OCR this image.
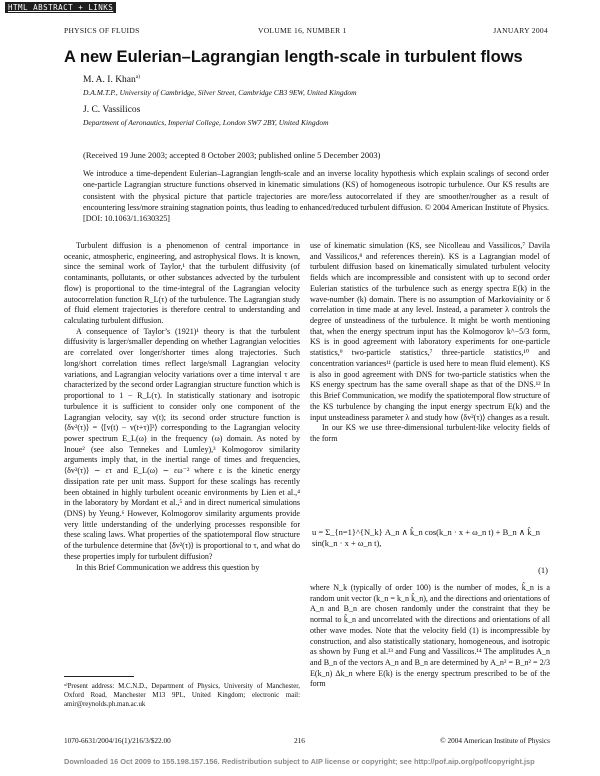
HTML ABSTRACT + LINKS
PHYSICS OF FLUIDS	VOLUME 16, NUMBER 1	JANUARY 2004
A new Eulerian–Lagrangian length-scale in turbulent flows
M. A. I. Khan$^{a)}$
D.A.M.T.P., University of Cambridge, Silver Street, Cambridge CB3 9EW, United Kingdom
J. C. Vassilicos
Department of Aeronautics, Imperial College, London SW7 2BY, United Kingdom
(Received 19 June 2003; accepted 8 October 2003; published online 5 December 2003)
We introduce a time-dependent Eulerian–Lagrangian length-scale and an inverse locality hypothesis which explain scalings of second order one-particle Lagrangian structure functions observed in kinematic simulations (KS) of homogeneous isotropic turbulence. Our KS results are consistent with the physical picture that particle trajectories are more/less autocorrelated if they are smoother/rougher as a result of encountering less/more straining stagnation points, thus leading to enhanced/reduced turbulent diffusion. © 2004 American Institute of Physics. [DOI: 10.1063/1.1630325]

Turbulent diffusion is a phenomenon of central importance in oceanic, atmospheric, engineering, and astrophysical flows. It is known, since the seminal work of Taylor,¹ that the turbulent diffusivity (of contaminants, pollutants, or other substances advected by the turbulent flow) is proportional to the time-integral of the Lagrangian velocity autocorrelation function R_L(τ) of the turbulence. The Lagrangian study of fluid element trajectories is therefore central to understanding and calculating turbulent diffusion.

A consequence of Taylor’s (1921)¹ theory is that the turbulent diffusivity is larger/smaller depending on whether Lagrangian velocities are correlated over longer/shorter times along trajectories. Such long/short correlation times reflect large/small Lagrangian velocity variations, and Lagrangian velocity variations over a time interval τ are characterized by the second order Lagrangian structure function which is proportional to 1 − R_L(τ). In statistically stationary and isotropic turbulence it is sufficient to consider only one component of the Lagrangian velocity, say v(t); its second order structure function is ⟨δv²(τ)⟩ = ⟨[v(t) − v(t+τ)]²⟩ corresponding to the Lagrangian velocity power spectrum E_L(ω) in the frequency (ω) domain. As noted by Inoue² (see also Tennekes and Lumley),³ Kolmogorov similarity arguments imply that, in the inertial range of times and frequencies, ⟨δv²(τ)⟩ ∼ ετ and E_L(ω) ∼ εω⁻² where ε is the kinetic energy dissipation rate per unit mass. Support for these scalings has recently been obtained in highly turbulent oceanic environments by Lien et al.,⁴ in the laboratory by Mordant et al.,⁵ and in direct numerical simulations (DNS) by Yeung.⁶ However, Kolmogorov similarity arguments provide very little understanding of the underlying processes responsible for these scaling laws. What properties of the spatiotemporal flow structure of the turbulence determine that ⟨δv²(τ)⟩ is proportional to τ, and what do these properties imply for turbulent diffusion?

In this Brief Communication we address this question by

use of kinematic simulation (KS, see Nicolleau and Vassilicos,⁷ Davila and Vassilicos,⁸ and references therein). KS is a Lagrangian model of turbulent diffusion based on kinematically simulated turbulent velocity fields which are incompressible and consistent with up to second order Eulerian statistics of the turbulence such as energy spectra E(k) in the wave-number (k) domain. There is no assumption of Markoviainity or δ correlation in time made at any level. Instead, a parameter λ controls the degree of unsteadiness of the turbulence. It might be worth mentioning that, when the energy spectrum input has the Kolmogorov k^−5/3 form, KS is in good agreement with laboratory experiments for one-particle statistics,⁹ two-particle statistics,⁷ three-particle statistics,¹⁰ and concentration variances¹¹ (particle is used here to mean fluid element). KS is also in good agreement with DNS for two-particle statistics when the KS energy spectrum has the same overall shape as that of the DNS.¹² In this Brief Communication, we modify the spatiotemporal flow structure of the KS turbulence by changing the input energy spectrum E(k) and the input unsteadiness parameter λ and study how ⟨δv²(τ)⟩ changes as a result.

In our KS we use three-dimensional turbulent-like velocity fields of the form

u = Σ_{n=1}^{N_k} A_n ∧ k̂_n cos(k_n · x + ω_n t) + B_n ∧ k̂_n sin(k_n · x + ω_n t),
(1)
where N_k (typically of order 100) is the number of modes, k̂_n is a random unit vector (k_n = k_n k̂_n), and the directions and orientations of A_n and B_n are chosen randomly under the constraint that they be normal to k̂_n and uncorrelated with the directions and orientations of all other wave modes. Note that the velocity field (1) is incompressible by construction, and also statistically stationary, homogeneous, and isotropic as shown by Fung et al.¹³ and Fung and Vassilicos.¹⁴ The amplitudes A_n and B_n of the vectors A_n and B_n are determined by A_n² = B_n² = 2/3 E(k_n) Δk_n where E(k) is the energy spectrum prescribed to be of the form
ᵃ⁾Present address: M.C.N.D., Department of Physics, University of Manchester, Oxford Road, Manchester M13 9PL, United Kingdom; electronic mail: amir@reynolds.ph.man.ac.uk
1070-6631/2004/16(1)/216/3/$22.00	216	© 2004 American Institute of Physics
Downloaded 16 Oct 2009 to 155.198.157.156. Redistribution subject to AIP license or copyright; see http://pof.aip.org/pof/copyright.jsp
